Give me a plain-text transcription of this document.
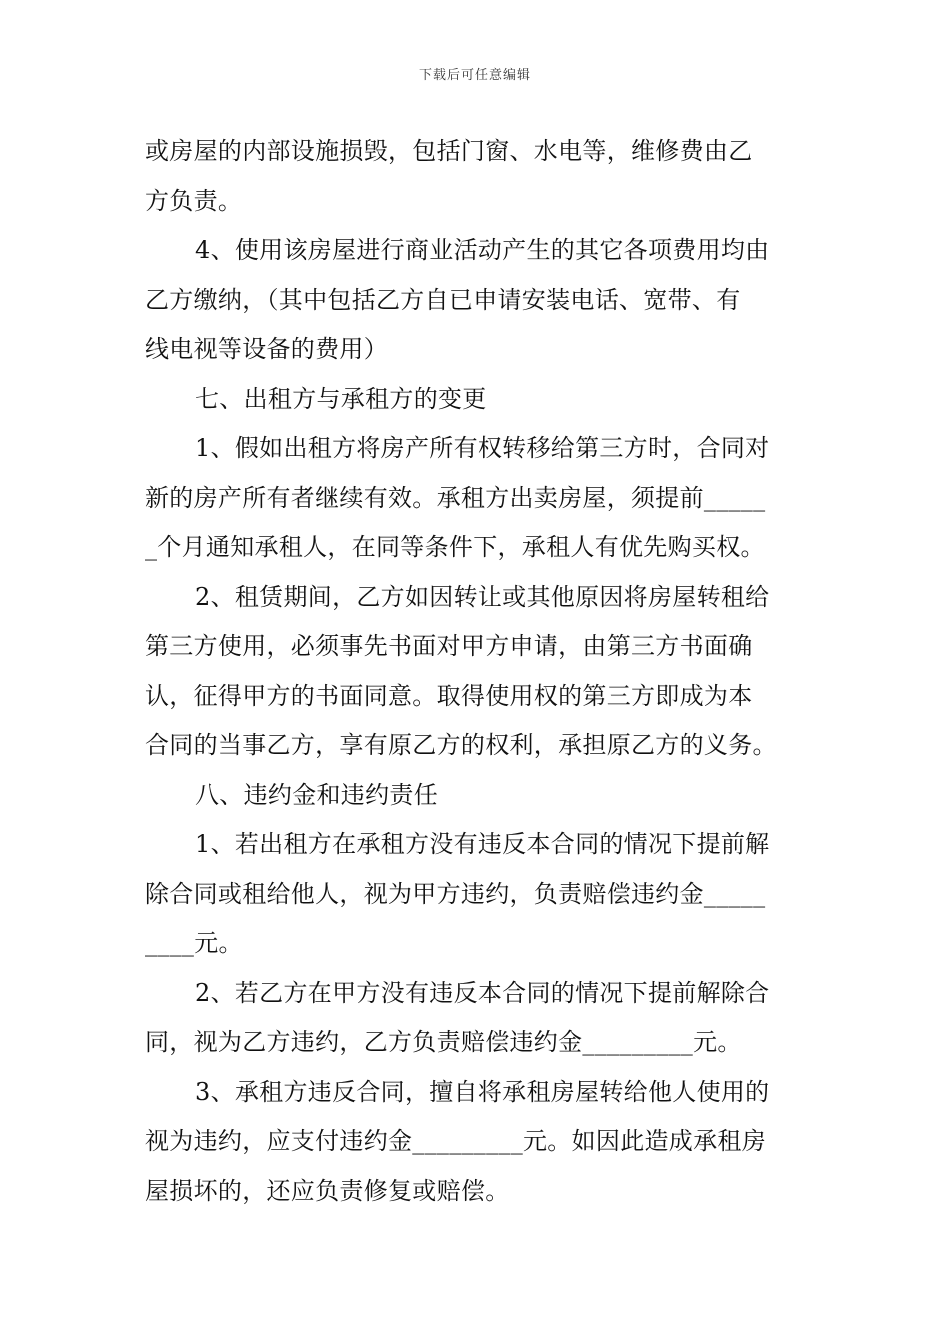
下载后可任意编辑
或房屋的内部设施损毁，包括门窗、水电等，维修费由乙
方负责。
4、使用该房屋进行商业活动产生的其它各项费用均由
乙方缴纳，（其中包括乙方自已申请安装电话、宽带、有
线电视等设备的费用）
七、出租方与承租方的变更
1、假如出租方将房产所有权转移给第三方时，合同对
新的房产所有者继续有效。承租方出卖房屋，须提前_____
_个月通知承租人，在同等条件下，承租人有优先购买权。
2、租赁期间，乙方如因转让或其他原因将房屋转租给
第三方使用，必须事先书面对甲方申请，由第三方书面确
认，征得甲方的书面同意。取得使用权的第三方即成为本
合同的当事乙方，享有原乙方的权利，承担原乙方的义务。
八、违约金和违约责任
1、若出租方在承租方没有违反本合同的情况下提前解
除合同或租给他人，视为甲方违约，负责赔偿违约金_____
____元。
2、若乙方在甲方没有违反本合同的情况下提前解除合
同，视为乙方违约，乙方负责赔偿违约金_________元。
3、承租方违反合同，擅自将承租房屋转给他人使用的
视为违约，应支付违约金_________元。如因此造成承租房
屋损坏的，还应负责修复或赔偿。
